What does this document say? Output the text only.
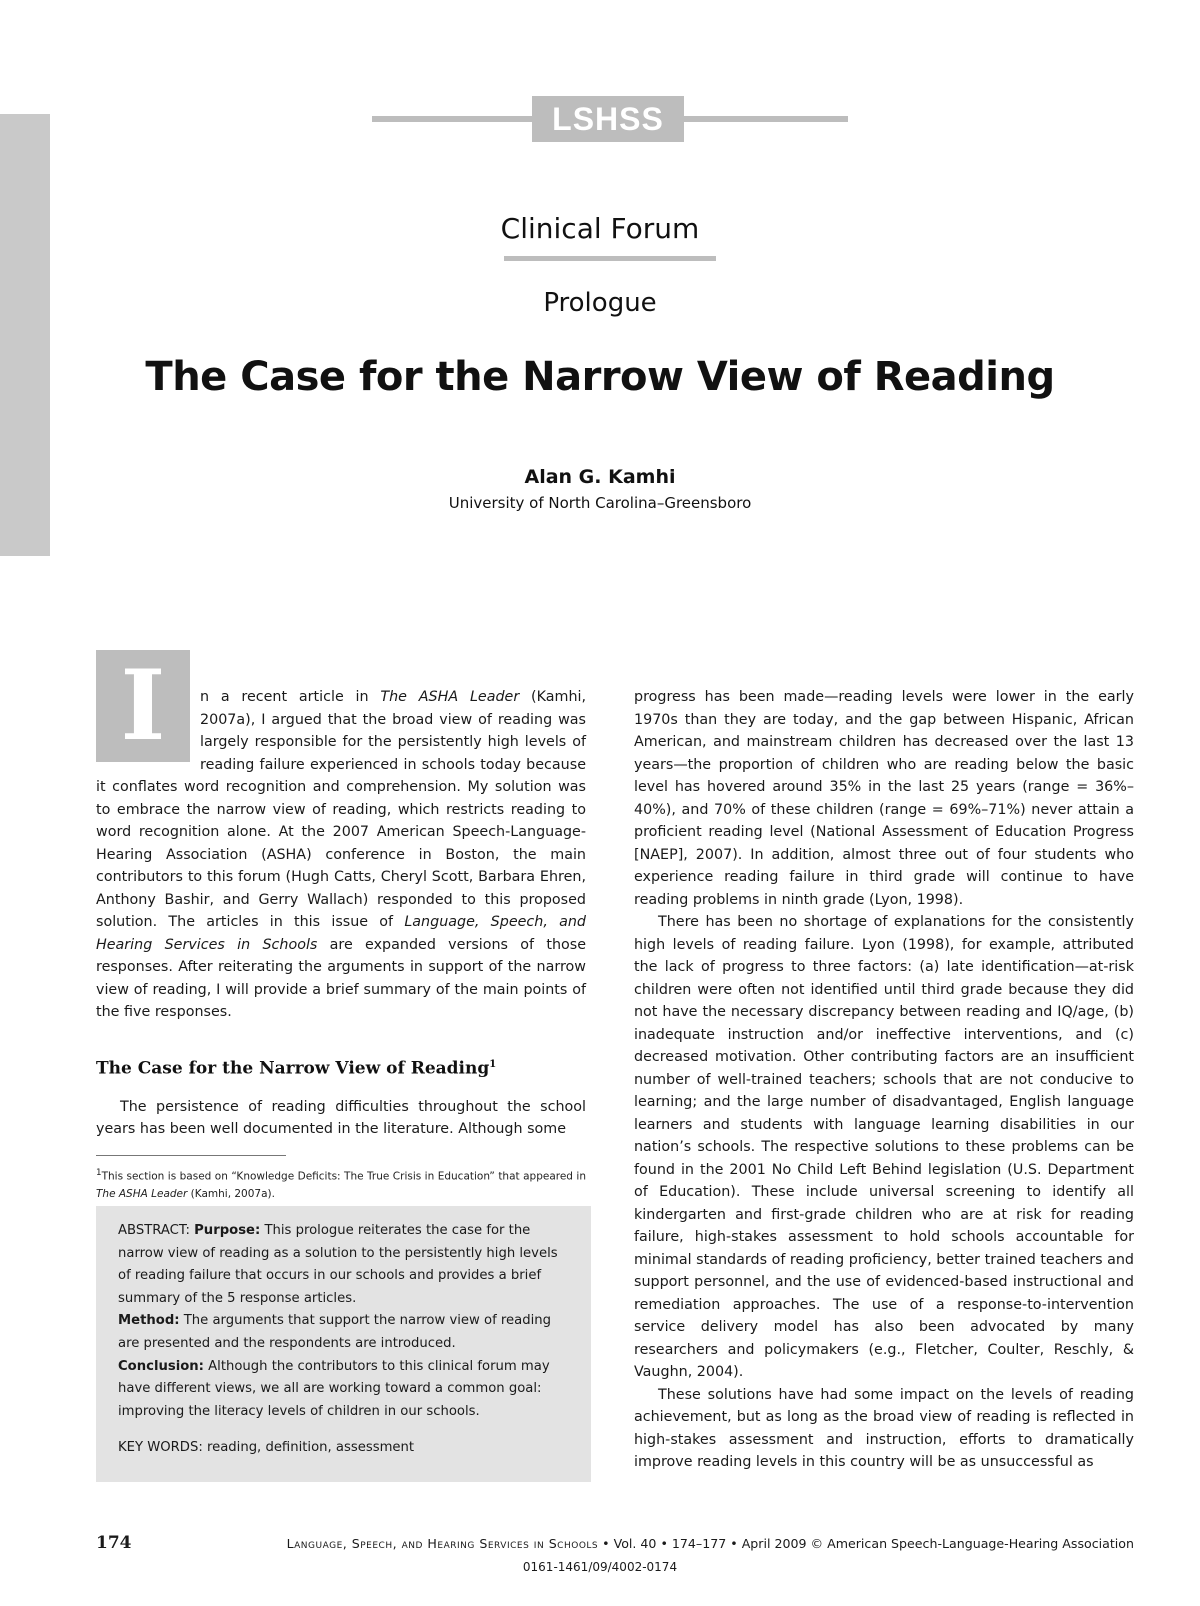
LSHSS
Clinical Forum
Prologue
The Case for the Narrow View of Reading
Alan G. Kamhi
University of North Carolina–Greensboro

I	n a recent article in The ASHA Leader (Kamhi, 2007a), I argued that the broad view of reading was largely responsible for the persistently high levels of reading failure experienced in schools today because it conflates word recognition and comprehension. My solution was to embrace the narrow view of reading, which restricts reading to word recognition alone. At the 2007 American Speech-Language-Hearing Association (ASHA) conference in Boston, the main contributors to this forum (Hugh Catts, Cheryl Scott, Barbara Ehren, Anthony Bashir, and Gerry Wallach) responded to this proposed solution. The articles in this issue of Language, Speech, and Hearing Services in Schools are expanded versions of those responses. After reiterating the arguments in support of the narrow view of reading, I will provide a brief summary of the main points of the five responses.

The Case for the Narrow View of Reading$^1$

The persistence of reading difficulties throughout the school years has been well documented in the literature. Although some

$^1$This section is based on “Knowledge Deficits: The True Crisis in Education” that appeared in The ASHA Leader (Kamhi, 2007a).

ABSTRACT: Purpose: This prologue reiterates the case for the narrow view of reading as a solution to the persistently high levels of reading failure that occurs in our schools and provides a brief summary of the 5 response articles.

Method: The arguments that support the narrow view of reading are presented and the respondents are introduced.

Conclusion: Although the contributors to this clinical forum may have different views, we all are working toward a common goal: improving the literacy levels of children in our schools.

KEY WORDS: reading, definition, assessment

progress has been made—reading levels were lower in the early 1970s than they are today, and the gap between Hispanic, African American, and mainstream children has decreased over the last 13 years—the proportion of children who are reading below the basic level has hovered around 35% in the last 25 years (range = 36%–40%), and 70% of these children (range = 69%–71%) never attain a proficient reading level (National Assessment of Education Progress [NAEP], 2007). In addition, almost three out of four students who experience reading failure in third grade will continue to have reading problems in ninth grade (Lyon, 1998).

There has been no shortage of explanations for the consistently high levels of reading failure. Lyon (1998), for example, attributed the lack of progress to three factors: (a) late identification—at-risk children were often not identified until third grade because they did not have the necessary discrepancy between reading and IQ/age, (b) inadequate instruction and/or ineffective interventions, and (c) decreased motivation. Other contributing factors are an insufficient number of well-trained teachers; schools that are not conducive to learning; and the large number of disadvantaged, English language learners and students with language learning disabilities in our nation’s schools. The respective solutions to these problems can be found in the 2001 No Child Left Behind legislation (U.S. Department of Education). These include universal screening to identify all kindergarten and first-grade children who are at risk for reading failure, high-stakes assessment to hold schools accountable for minimal standards of reading proficiency, better trained teachers and support personnel, and the use of evidenced-based instructional and remediation approaches. The use of a response-to-intervention service delivery model has also been advocated by many researchers and policymakers (e.g., Fletcher, Coulter, Reschly, & Vaughn, 2004).

These solutions have had some impact on the levels of reading achievement, but as long as the broad view of reading is reflected in high-stakes assessment and instruction, efforts to dramatically improve reading levels in this country will be as unsuccessful as

174	Language, Speech, and Hearing Services in Schools • Vol. 40 • 174–177 • April 2009 © American Speech-Language-Hearing Association
0161-1461/09/4002-0174
